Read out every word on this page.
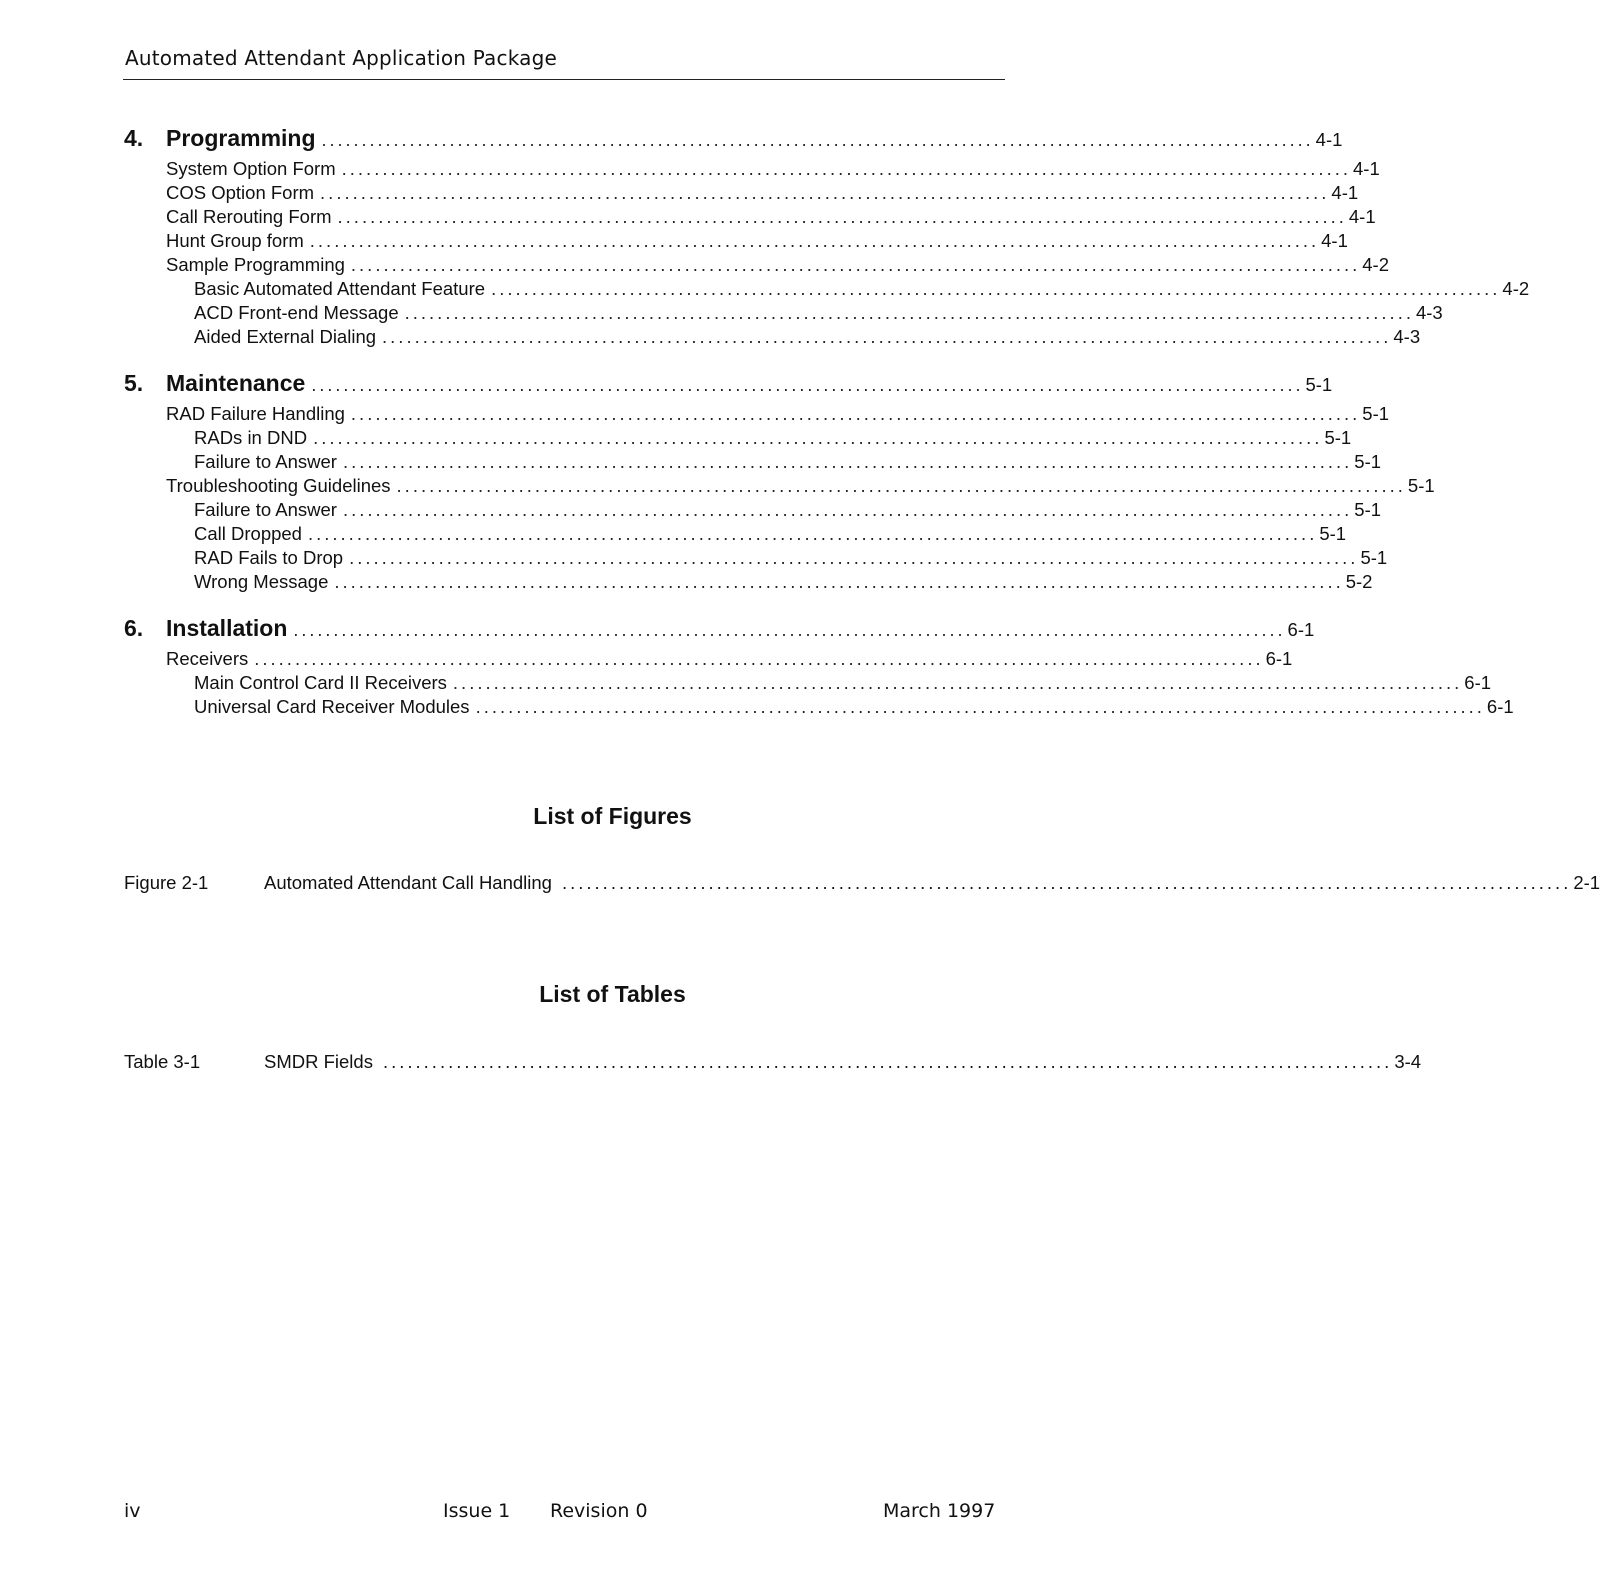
Automated Attendant Application Package
4. Programming ............................................................................................................................ 4-1
System Option Form ............................................................................................................................ 4-1
COS Option Form ............................................................................................................................ 4-1
Call Rerouting Form ............................................................................................................................ 4-1
Hunt Group form ............................................................................................................................ 4-1
Sample Programming ............................................................................................................................ 4-2
Basic Automated Attendant Feature ............................................................................................................................ 4-2
ACD Front-end Message ............................................................................................................................ 4-3
Aided External Dialing ............................................................................................................................ 4-3
5. Maintenance ............................................................................................................................ 5-1
RAD Failure Handling ............................................................................................................................ 5-1
RADs in DND ............................................................................................................................ 5-1
Failure to Answer ............................................................................................................................ 5-1
Troubleshooting Guidelines ............................................................................................................................ 5-1
Failure to Answer ............................................................................................................................ 5-1
Call Dropped ............................................................................................................................ 5-1
RAD Fails to Drop ............................................................................................................................ 5-1
Wrong Message ............................................................................................................................ 5-2
6. Installation ............................................................................................................................ 6-1
Receivers ............................................................................................................................ 6-1
Main Control Card II Receivers ............................................................................................................................ 6-1
Universal Card Receiver Modules ............................................................................................................................ 6-1
List of Figures
Figure 2-1	Automated Attendant Call Handling ............................................................................................................................ 2-1
List of Tables
Table 3-1	SMDR Fields ............................................................................................................................ 3-4
iv	Issue 1 Revision 0	March 1997
